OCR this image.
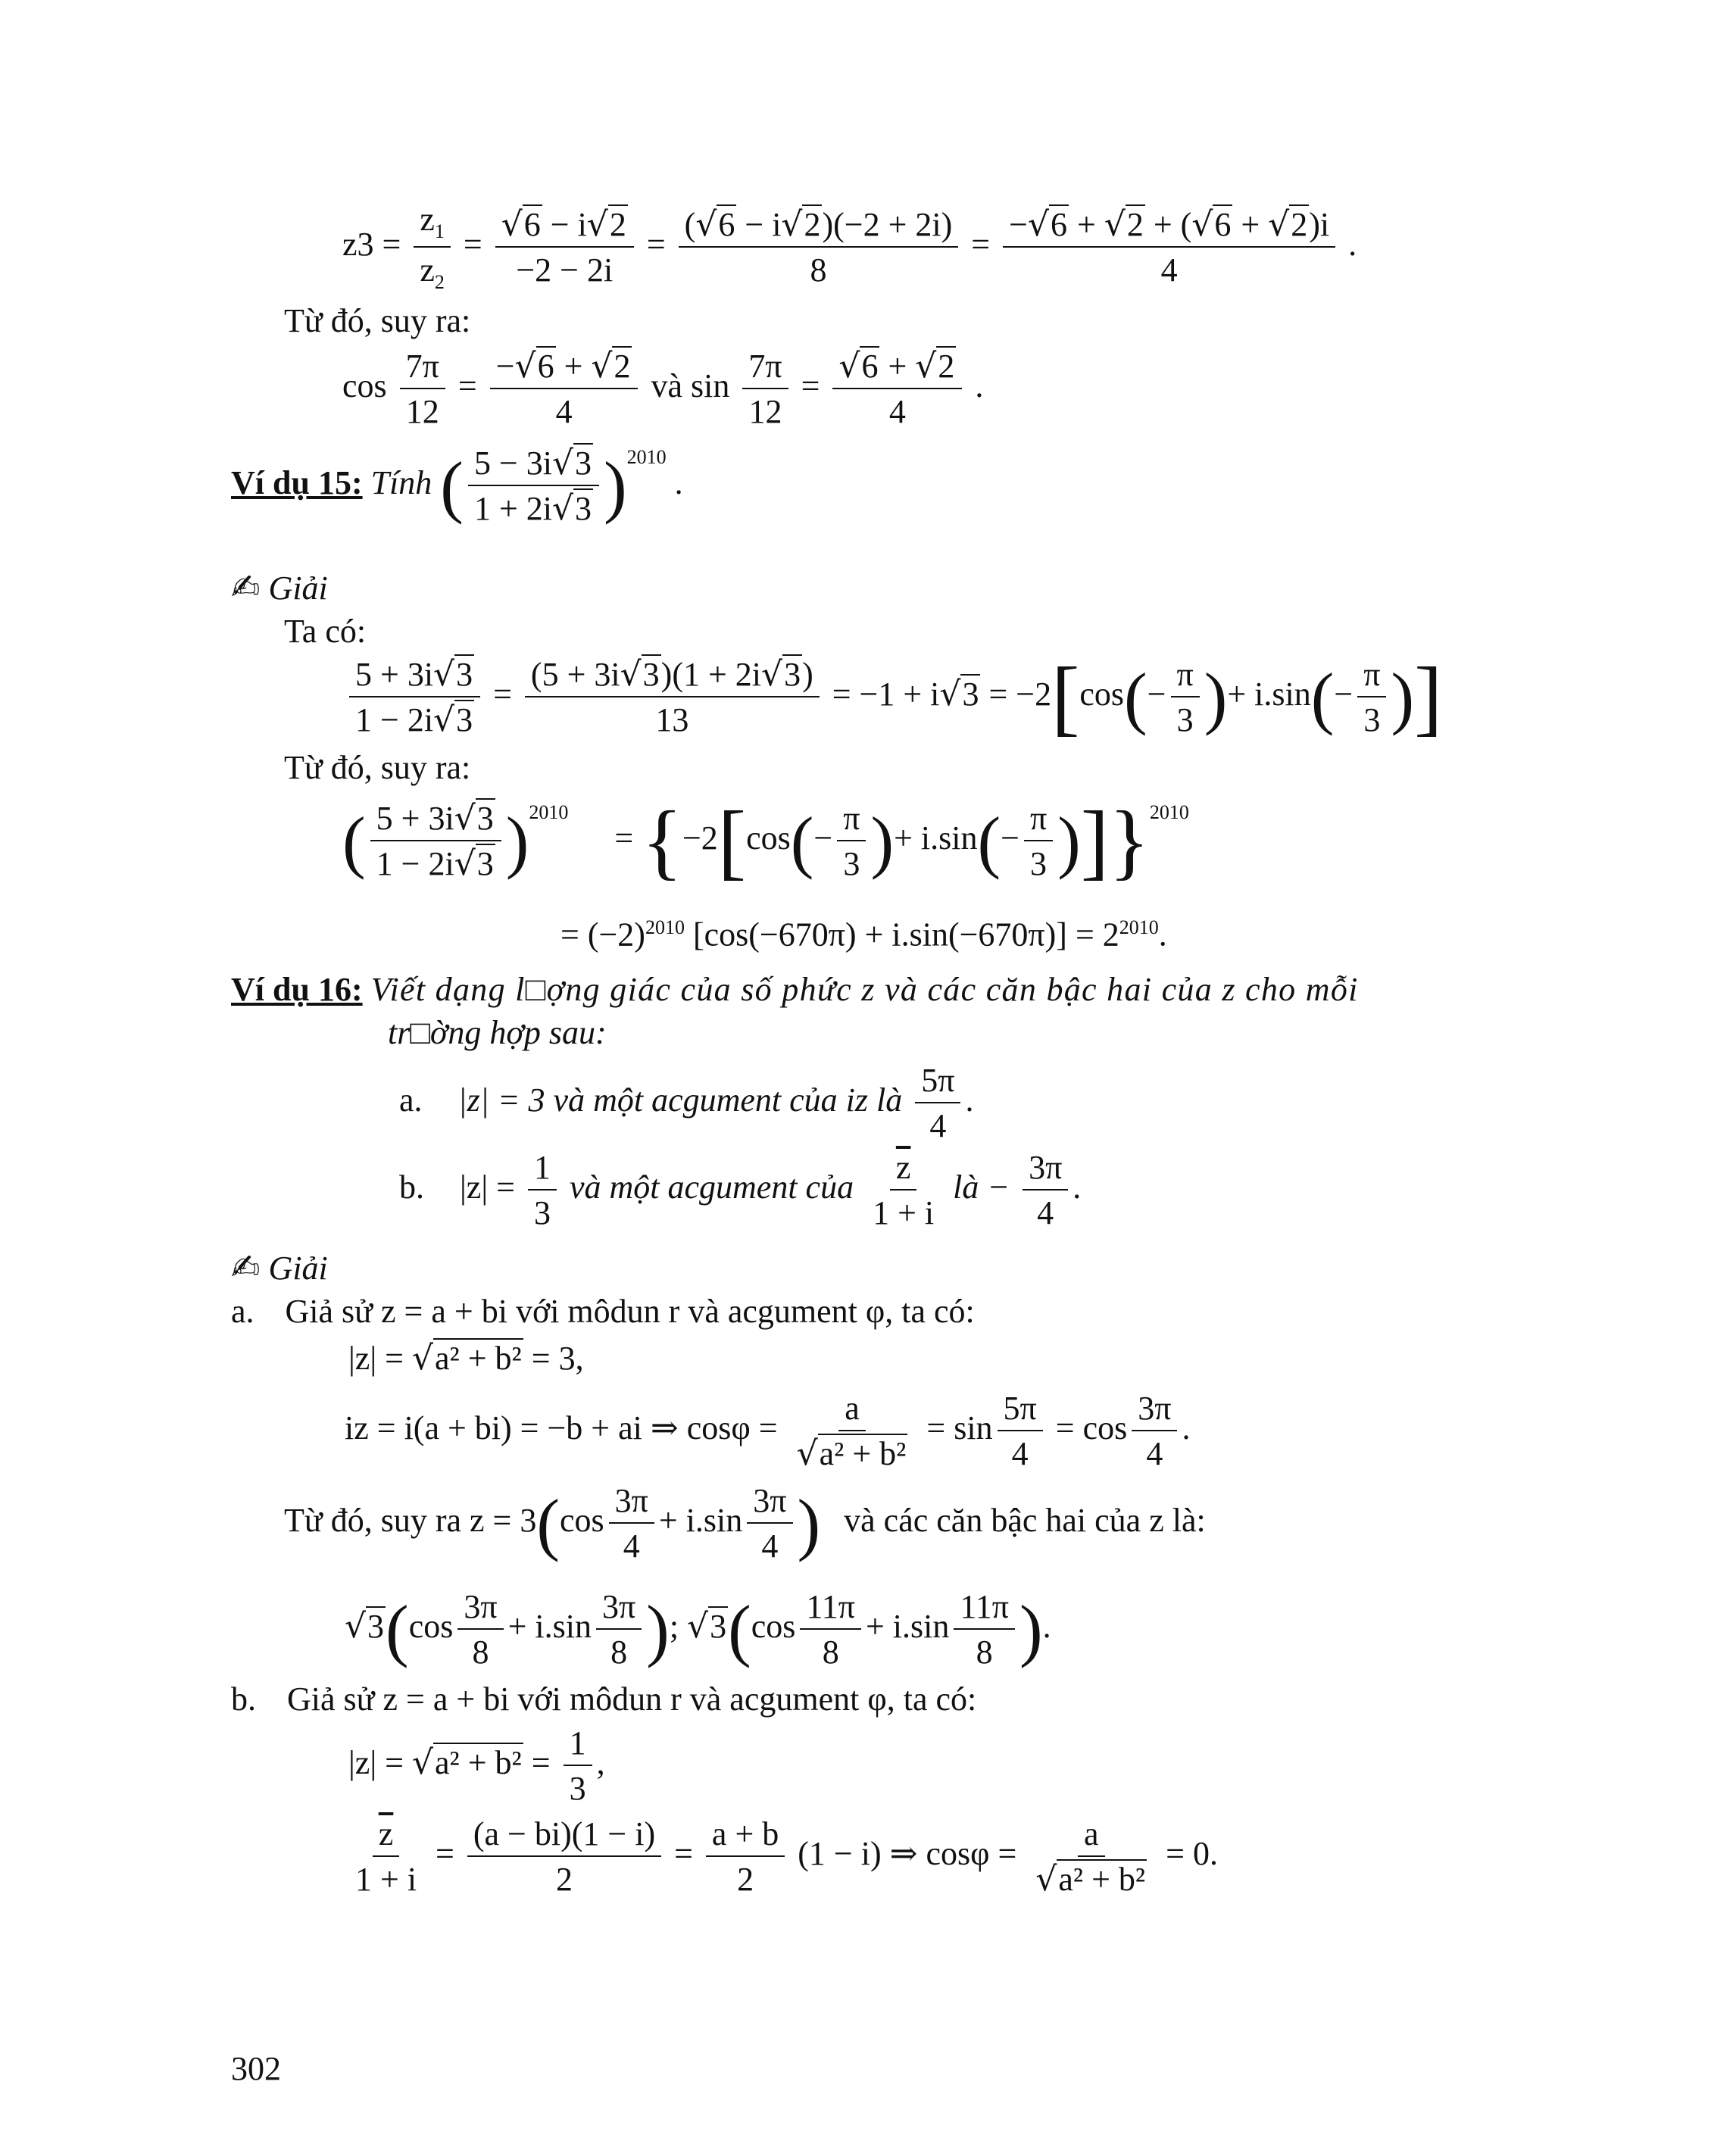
$z3 = \frac{z_1}{z_2}$ = √ $\frac{6 - i √ 2}{-2 - 2i} = \frac{( √ 6 - i √ 2)(-2 + 2i)}{8} = \frac{- √ 6 + √ 2 + ( √ 6 + √ 2)i}{4}$ .
Từ đó, suy ra:
$\cos \frac{7\pi}{12} = \frac{- √ 6 + √ 2}{4}$ và $\sin \frac{7\pi}{12}$ = √ $\frac{6 + √ 2}{4}$ .
Ví dụ 15: Tính ( $\frac{5 - 3i √ 3}{1 + 2i √ 3} )^{2010}$ .
✍ Giải
Ta có:
$\frac{5 + 3i √ 3}{1 - 2i √ 3} = \frac{(5 + 3i √ 3)(1 + 2i √ 3)}{13} = -1 + i$ √ $3 = -2[\cos(- \frac{\pi}{3}$ )+ $i.\sin(- \frac{\pi}{3}$ )]
Từ đó, suy ra:
( $\frac{5 + 3i √ 3}{1 - 2i √ 3} )^{2010} = \{-2[\cos(- \frac{\pi}{3}$ )+ $i.\sin(- \frac{\pi}{3} )]\}^{2010}$
= $(-2)^{2010}$ $[\cos(-670\pi) + i.\sin(-670\pi)] = 2^{2010}$.
Ví dụ 16: Viết dạng l□ợng giác của số phức z và các căn bậc hai của z cho mỗi
tr□ờng hợp sau:
a. |z| = 3 và một acgument của iz là $\frac{5\pi}{4}$ .
b. $|z| = \frac{1}{3}$ và một acgument của $\frac{\overline{z}}{1 + i}$ là − $\frac{3\pi}{4}$ .
✍ Giải
a. Giả sử z = a + bi với môdun r và acgument φ, ta có:
|z| = √ a² + b² = 3,
iz = i(a + bi) = −b + ai ⇒ cosφ = a
√ $a^2 + b^2 = \sin \frac{5\pi}{4} = \cos \frac{3\pi}{4}$ .
Từ đó, suy ra $z = 3(\cos \frac{3\pi}{4} + i.\sin \frac{3\pi}{4}$ ) và các căn bậc hai của z là:
√ $3(\cos \frac{3\pi}{8} + i.\sin \frac{3\pi}{8}$ ); √ $3(\cos \frac{11\pi}{8} + i.\sin \frac{11\pi}{8}$ ).
b. Giả sử z = a + bi với môdun r và acgument φ, ta có:
|z| = √ $a^2 + b^2 = \frac{1}{3}$ ,
$\frac{\overline{z}}{1 + i} = \frac{(a - bi)(1 - i)}{2} = \frac{a + b}{2} (1 - i)$ ⇒ cosφ = a
√ a² + b² = 0.
302
